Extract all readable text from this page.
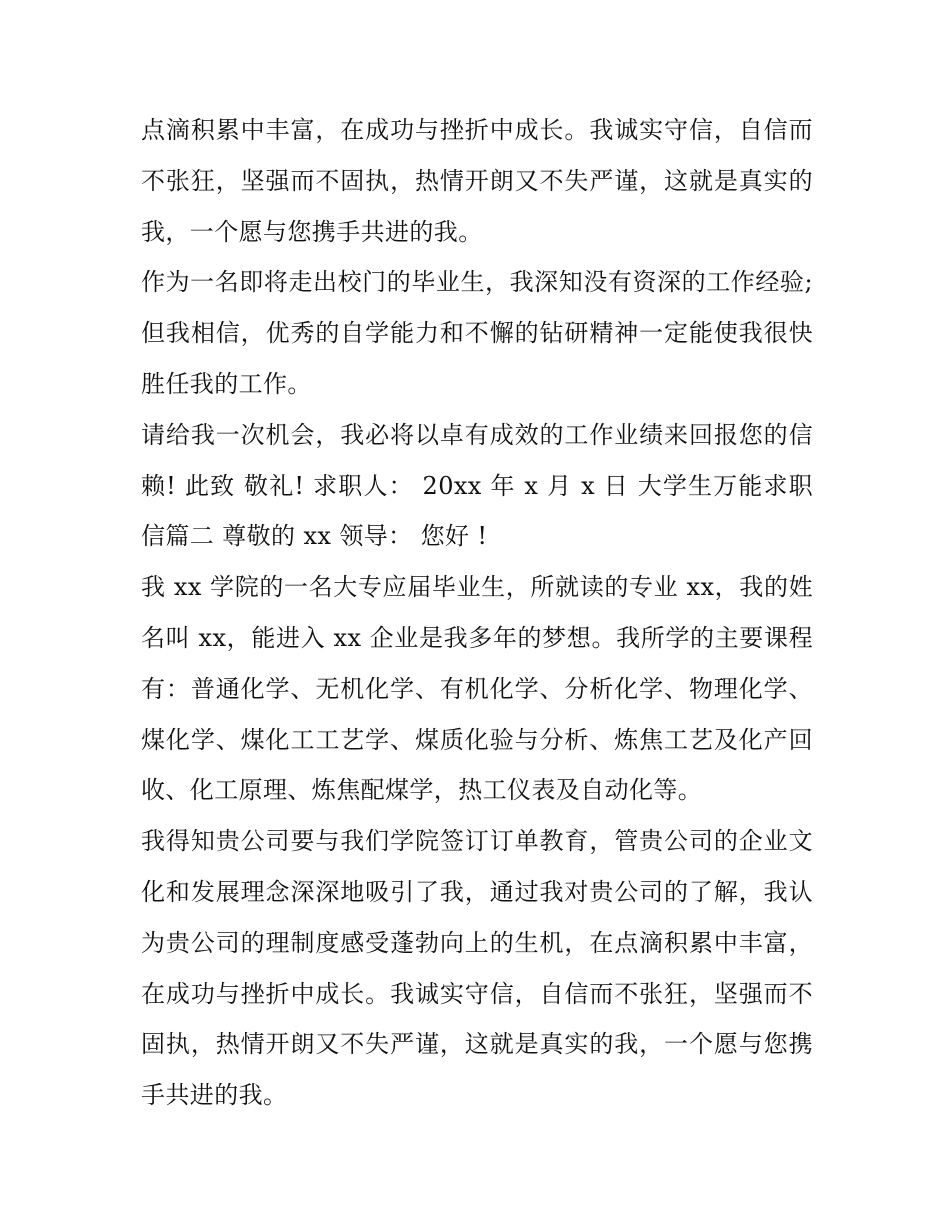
点滴积累中丰富，在成功与挫折中成长。我诚实守信，自信而不张狂，坚强而不固执，热情开朗又不失严谨，这就是真实的我，一个愿与您携手共进的我。

作为一名即将走出校门的毕业生，我深知没有资深的工作经验;但我相信，优秀的自学能力和不懈的钻研精神一定能使我很快胜任我的工作。

请给我一次机会，我必将以卓有成效的工作业绩来回报您的信赖! 此致 敬礼! 求职人： 20xx 年 x 月 x 日 大学生万能求职信篇二 尊敬的 xx 领导： 您好 !

我 xx 学院的一名大专应届毕业生，所就读的专业 xx，我的姓名叫 xx，能进入 xx 企业是我多年的梦想。我所学的主要课程有：普通化学、无机化学、有机化学、分析化学、物理化学、煤化学、煤化工工艺学、煤质化验与分析、炼焦工艺及化产回收、化工原理、炼焦配煤学，热工仪表及自动化等。

我得知贵公司要与我们学院签订订单教育，管贵公司的企业文化和发展理念深深地吸引了我，通过我对贵公司的了解，我认为贵公司的理制度感受蓬勃向上的生机，在点滴积累中丰富，在成功与挫折中成长。我诚实守信，自信而不张狂，坚强而不固执，热情开朗又不失严谨，这就是真实的我，一个愿与您携手共进的我。
